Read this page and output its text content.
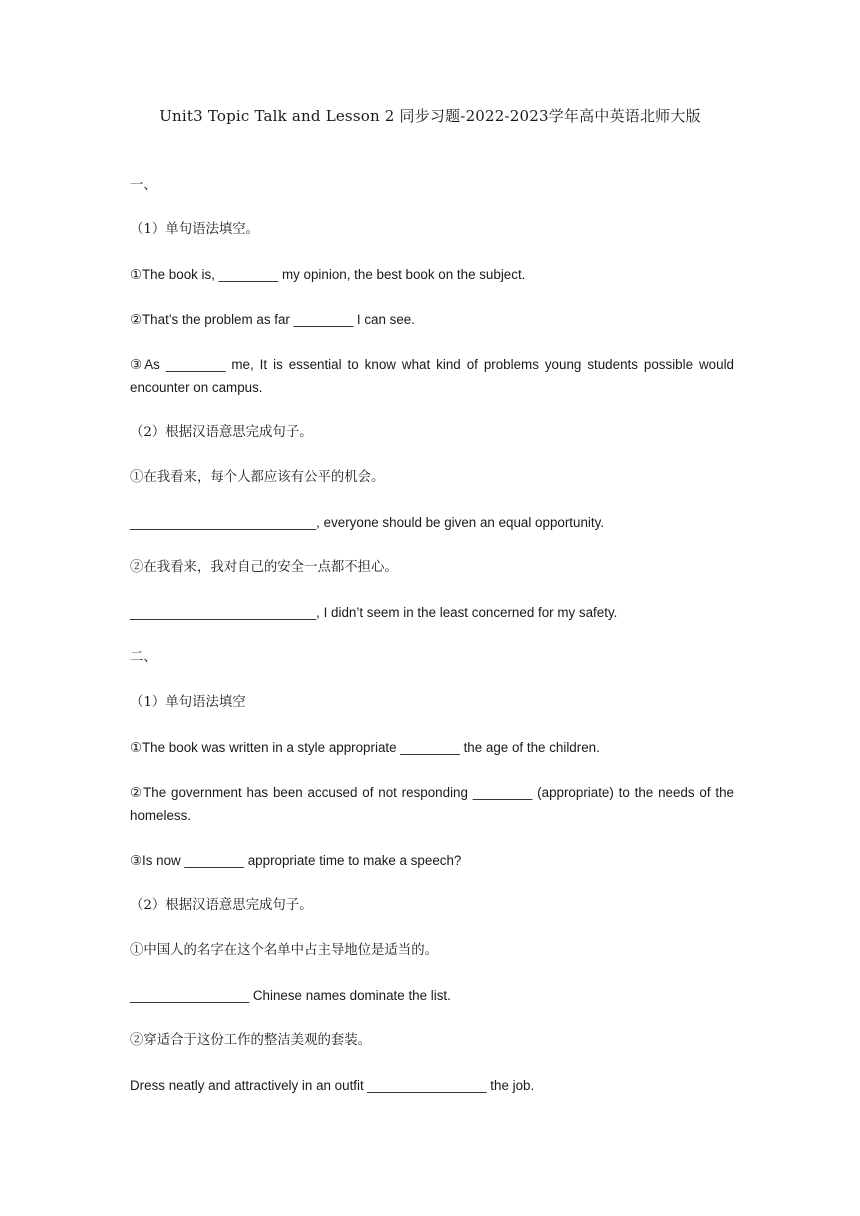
Unit3 Topic Talk and Lesson 2 同步习题-2022-2023学年高中英语北师大版
一、
（1）单句语法填空。
①The book is, ________ my opinion, the best book on the subject.
②That’s the problem as far ________ I can see.
③As ________ me, It is essential to know what kind of problems young students possible would encounter on campus.
（2）根据汉语意思完成句子。
①在我看来，每个人都应该有公平的机会。
_________________________, everyone should be given an equal opportunity.
②在我看来，我对自己的安全一点都不担心。
_________________________, I didn’t seem in the least concerned for my safety.
二、
（1）单句语法填空
①The book was written in a style appropriate ________ the age of the children.
②The government has been accused of not responding ________ (appropriate) to the needs of the homeless.
③Is now ________ appropriate time to make a speech?
（2）根据汉语意思完成句子。
①中国人的名字在这个名单中占主导地位是适当的。
________________ Chinese names dominate the list.
②穿适合于这份工作的整洁美观的套装。
Dress neatly and attractively in an outfit ________________ the job.
